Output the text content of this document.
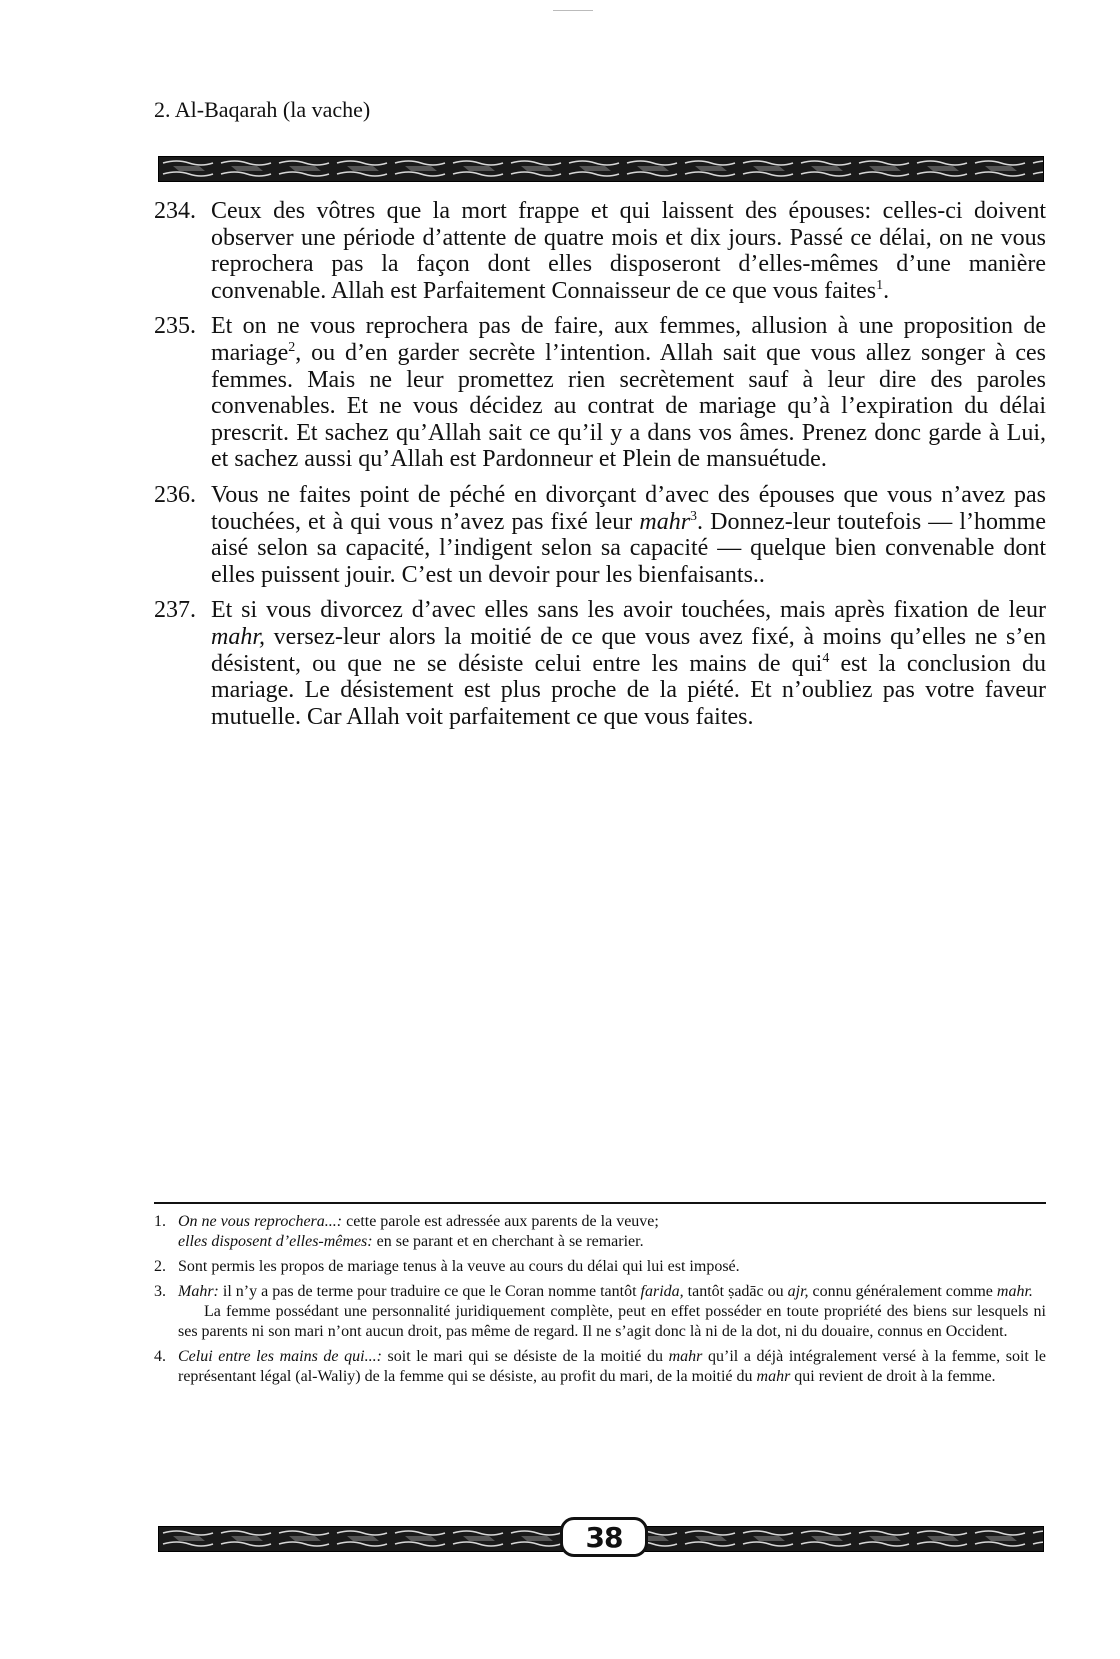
2. Al-Baqarah (la vache)
234. Ceux des vôtres que la mort frappe et qui laissent des épouses: celles-ci doivent observer une période d’attente de quatre mois et dix jours. Passé ce délai, on ne vous reprochera pas la façon dont elles disposeront d’elles-mêmes d’une manière convenable. Allah est Parfaitement Connaisseur de ce que vous faites$^1$.
235. Et on ne vous reprochera pas de faire, aux femmes, allusion à une proposition de mariage$^2$, ou d’en garder secrète l’intention. Allah sait que vous allez songer à ces femmes. Mais ne leur promettez rien secrètement sauf à leur dire des paroles convenables. Et ne vous décidez au contrat de mariage qu’à l’expiration du délai prescrit. Et sachez qu’Allah sait ce qu’il y a dans vos âmes. Prenez donc garde à Lui, et sachez aussi qu’Allah est Pardonneur et Plein de mansuétude.
236. Vous ne faites point de péché en divorçant d’avec des épouses que vous n’avez pas touchées, et à qui vous n’avez pas fixé leur mahr$^3$. Donnez-leur toutefois — l’homme aisé selon sa capacité, l’indigent selon sa capacité — quelque bien convenable dont elles puissent jouir. C’est un devoir pour les bienfaisants..
237. Et si vous divorcez d’avec elles sans les avoir touchées, mais après fixation de leur mahr, versez-leur alors la moitié de ce que vous avez fixé, à moins qu’elles ne s’en désistent, ou que ne se désiste celui entre les mains de qui$^4$ est la conclusion du mariage. Le désistement est plus proche de la piété. Et n’oubliez pas votre faveur mutuelle. Car Allah voit parfaitement ce que vous faites.
1. On ne vous reprochera...: cette parole est adressée aux parents de la veuve;

elles disposent d’elles-mêmes: en se parant et en cherchant à se remarier.

2. Sont permis les propos de mariage tenus à la veuve au cours du délai qui lui est imposé.

3. Mahr: il n’y a pas de terme pour traduire ce que le Coran nomme tantôt farida, tantôt ṣadāc ou ajr, connu généralement comme mahr.

La femme possédant une personnalité juridiquement complète, peut en effet posséder en toute propriété des biens sur lesquels ni ses parents ni son mari n’ont aucun droit, pas même de regard. Il ne s’agit donc là ni de la dot, ni du douaire, connus en Occident.

4. Celui entre les mains de qui...: soit le mari qui se désiste de la moitié du mahr qu’il a déjà intégralement versé à la femme, soit le représentant légal (al-Waliy) de la femme qui se désiste, au profit du mari, de la moitié du mahr qui revient de droit à la femme.

38
